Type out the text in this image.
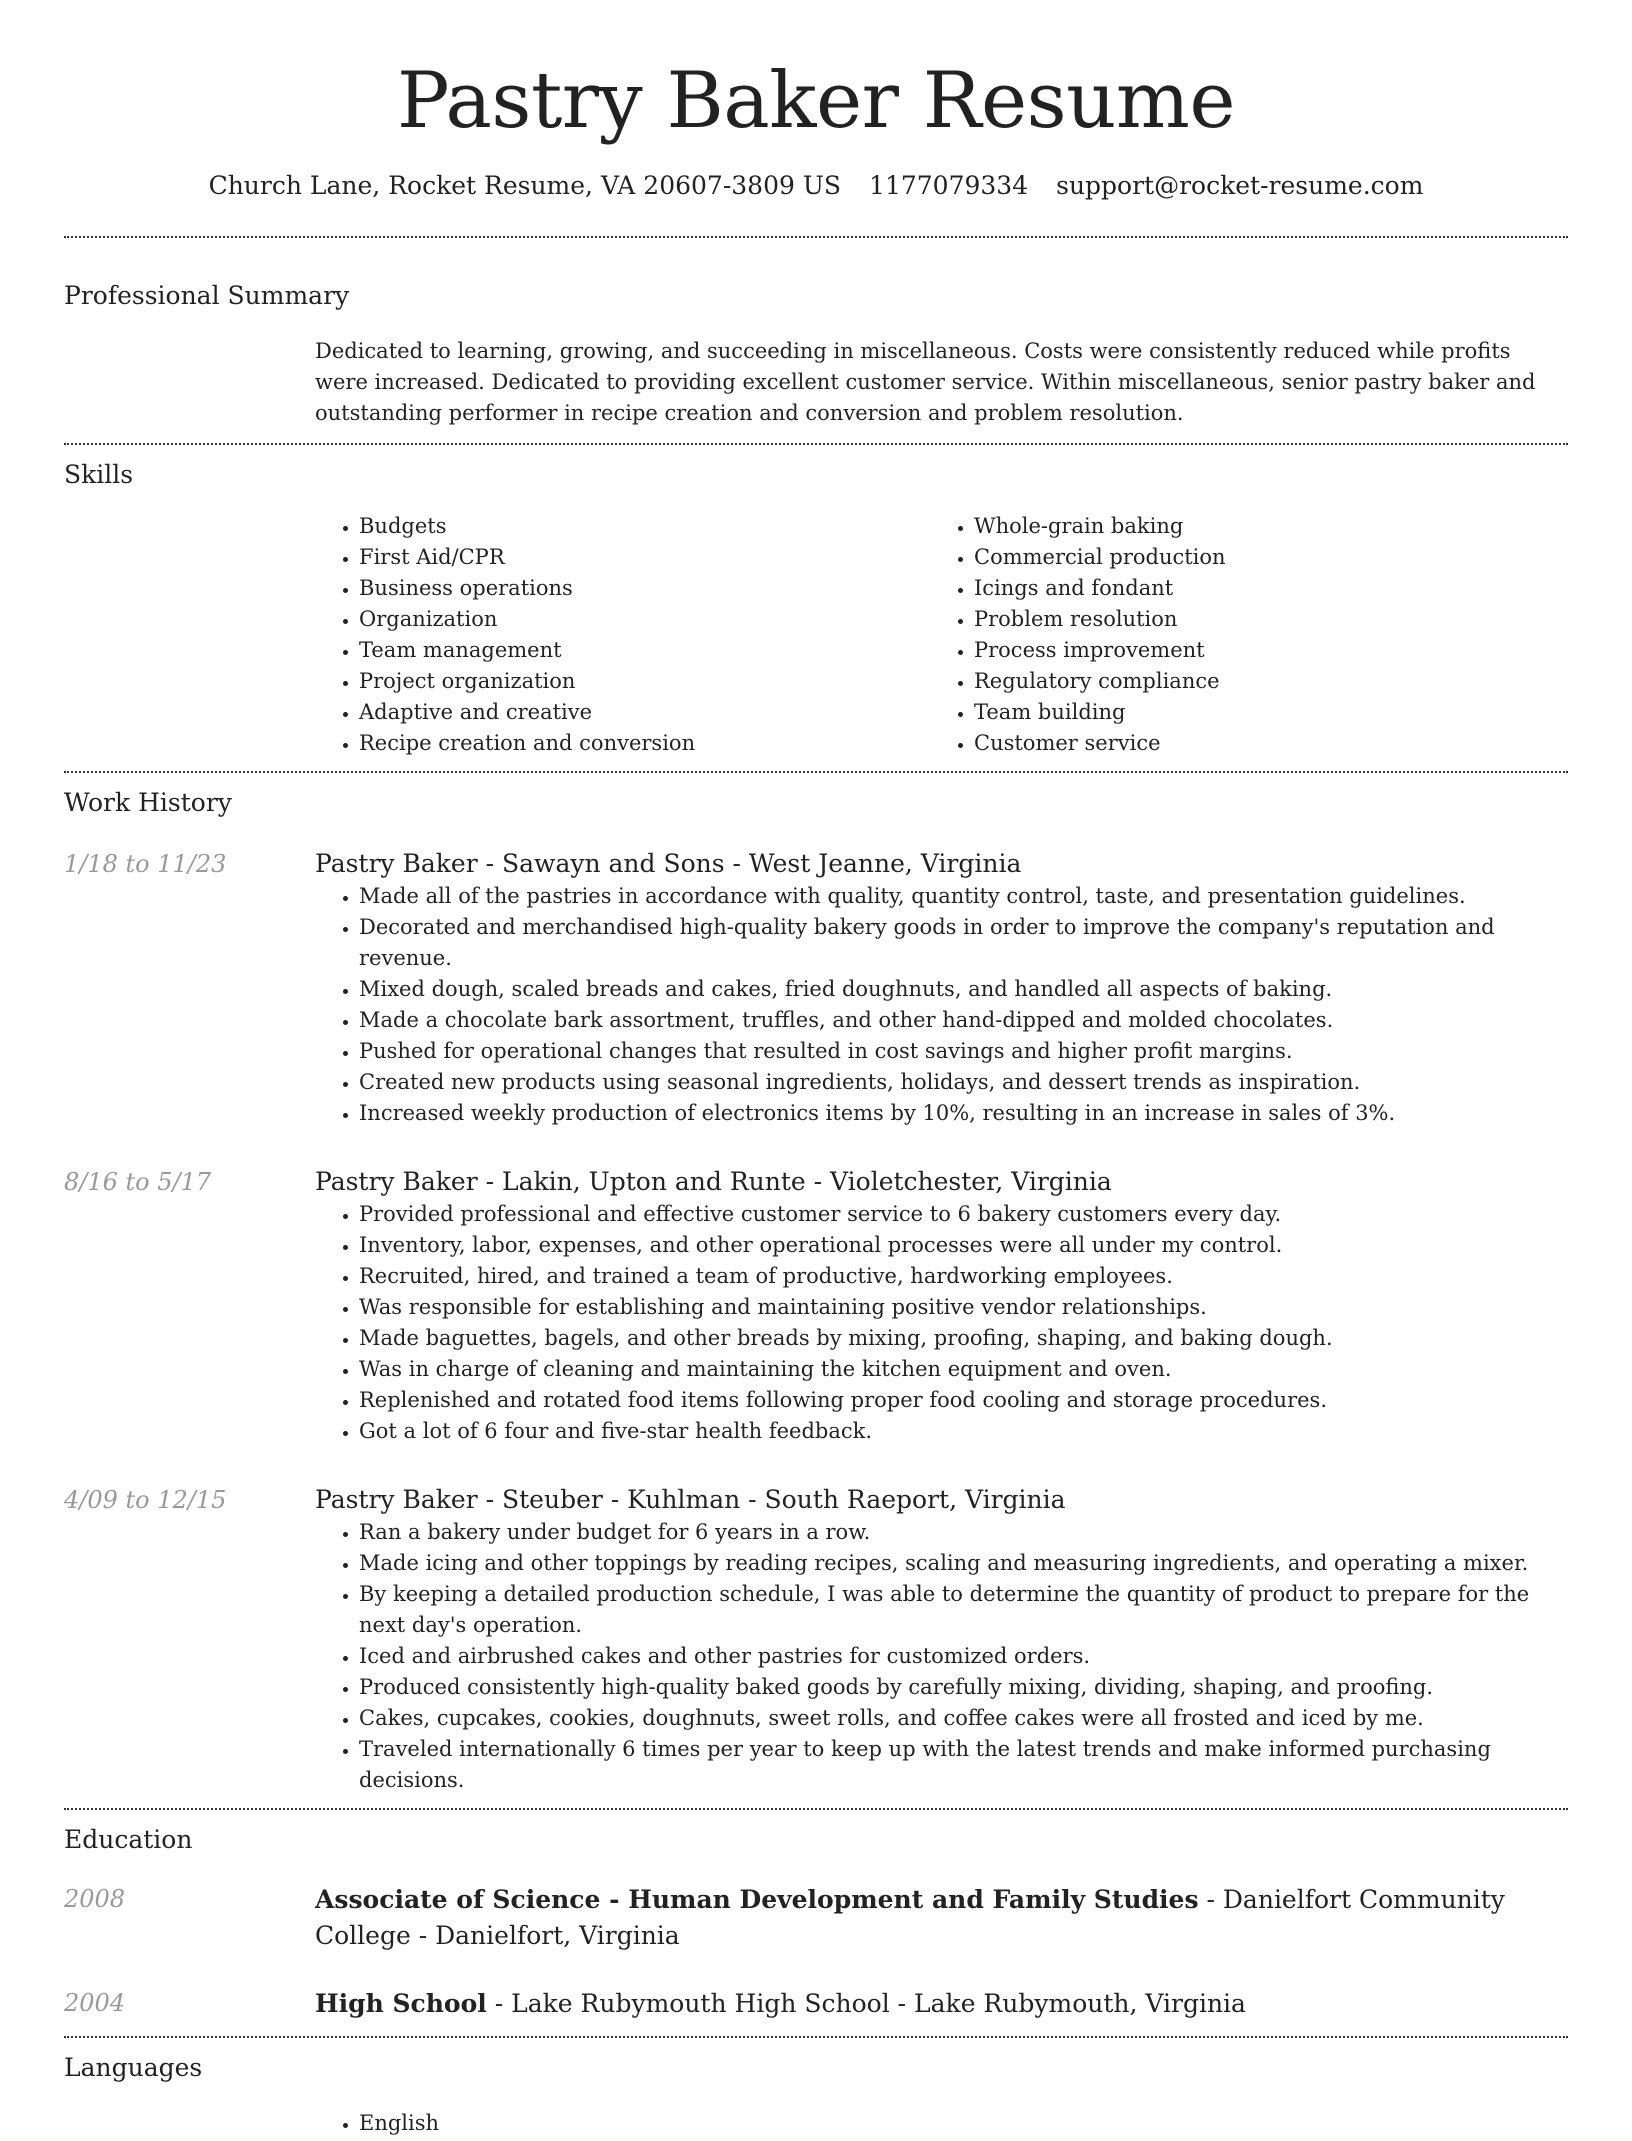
Pastry Baker Resume
Church Lane, Rocket Resume, VA 20607-3809 US 1177079334 support@rocket-resume.com
Professional Summary
Dedicated to learning, growing, and succeeding in miscellaneous. Costs were consistently reduced while profits were increased. Dedicated to providing excellent customer service. Within miscellaneous, senior pastry baker and outstanding performer in recipe creation and conversion and problem resolution.
Skills
• Budgets
• First Aid/CPR
• Business operations
• Organization
• Team management
• Project organization
• Adaptive and creative
• Recipe creation and conversion
• Whole-grain baking
• Commercial production
• Icings and fondant
• Problem resolution
• Process improvement
• Regulatory compliance
• Team building
• Customer service
Work History
1/18 to 11/23	Pastry Baker - Sawayn and Sons - West Jeanne, Virginia
• Made all of the pastries in accordance with quality, quantity control, taste, and presentation guidelines.
• Decorated and merchandised high-quality bakery goods in order to improve the company's reputation and revenue.
• Mixed dough, scaled breads and cakes, fried doughnuts, and handled all aspects of baking.
• Made a chocolate bark assortment, truffles, and other hand-dipped and molded chocolates.
• Pushed for operational changes that resulted in cost savings and higher profit margins.
• Created new products using seasonal ingredients, holidays, and dessert trends as inspiration.
• Increased weekly production of electronics items by 10%, resulting in an increase in sales of 3%.
8/16 to 5/17	Pastry Baker - Lakin, Upton and Runte - Violetchester, Virginia
• Provided professional and effective customer service to 6 bakery customers every day.
• Inventory, labor, expenses, and other operational processes were all under my control.
• Recruited, hired, and trained a team of productive, hardworking employees.
• Was responsible for establishing and maintaining positive vendor relationships.
• Made baguettes, bagels, and other breads by mixing, proofing, shaping, and baking dough.
• Was in charge of cleaning and maintaining the kitchen equipment and oven.
• Replenished and rotated food items following proper food cooling and storage procedures.
• Got a lot of 6 four and five-star health feedback.
4/09 to 12/15	Pastry Baker - Steuber - Kuhlman - South Raeport, Virginia
• Ran a bakery under budget for 6 years in a row.
• Made icing and other toppings by reading recipes, scaling and measuring ingredients, and operating a mixer.
• By keeping a detailed production schedule, I was able to determine the quantity of product to prepare for the next day's operation.
• Iced and airbrushed cakes and other pastries for customized orders.
• Produced consistently high-quality baked goods by carefully mixing, dividing, shaping, and proofing.
• Cakes, cupcakes, cookies, doughnuts, sweet rolls, and coffee cakes were all frosted and iced by me.
• Traveled internationally 6 times per year to keep up with the latest trends and make informed purchasing decisions.
Education
2008	Associate of Science - Human Development and Family Studies - Danielfort Community College - Danielfort, Virginia
2004	High School - Lake Rubymouth High School - Lake Rubymouth, Virginia
Languages
• English
